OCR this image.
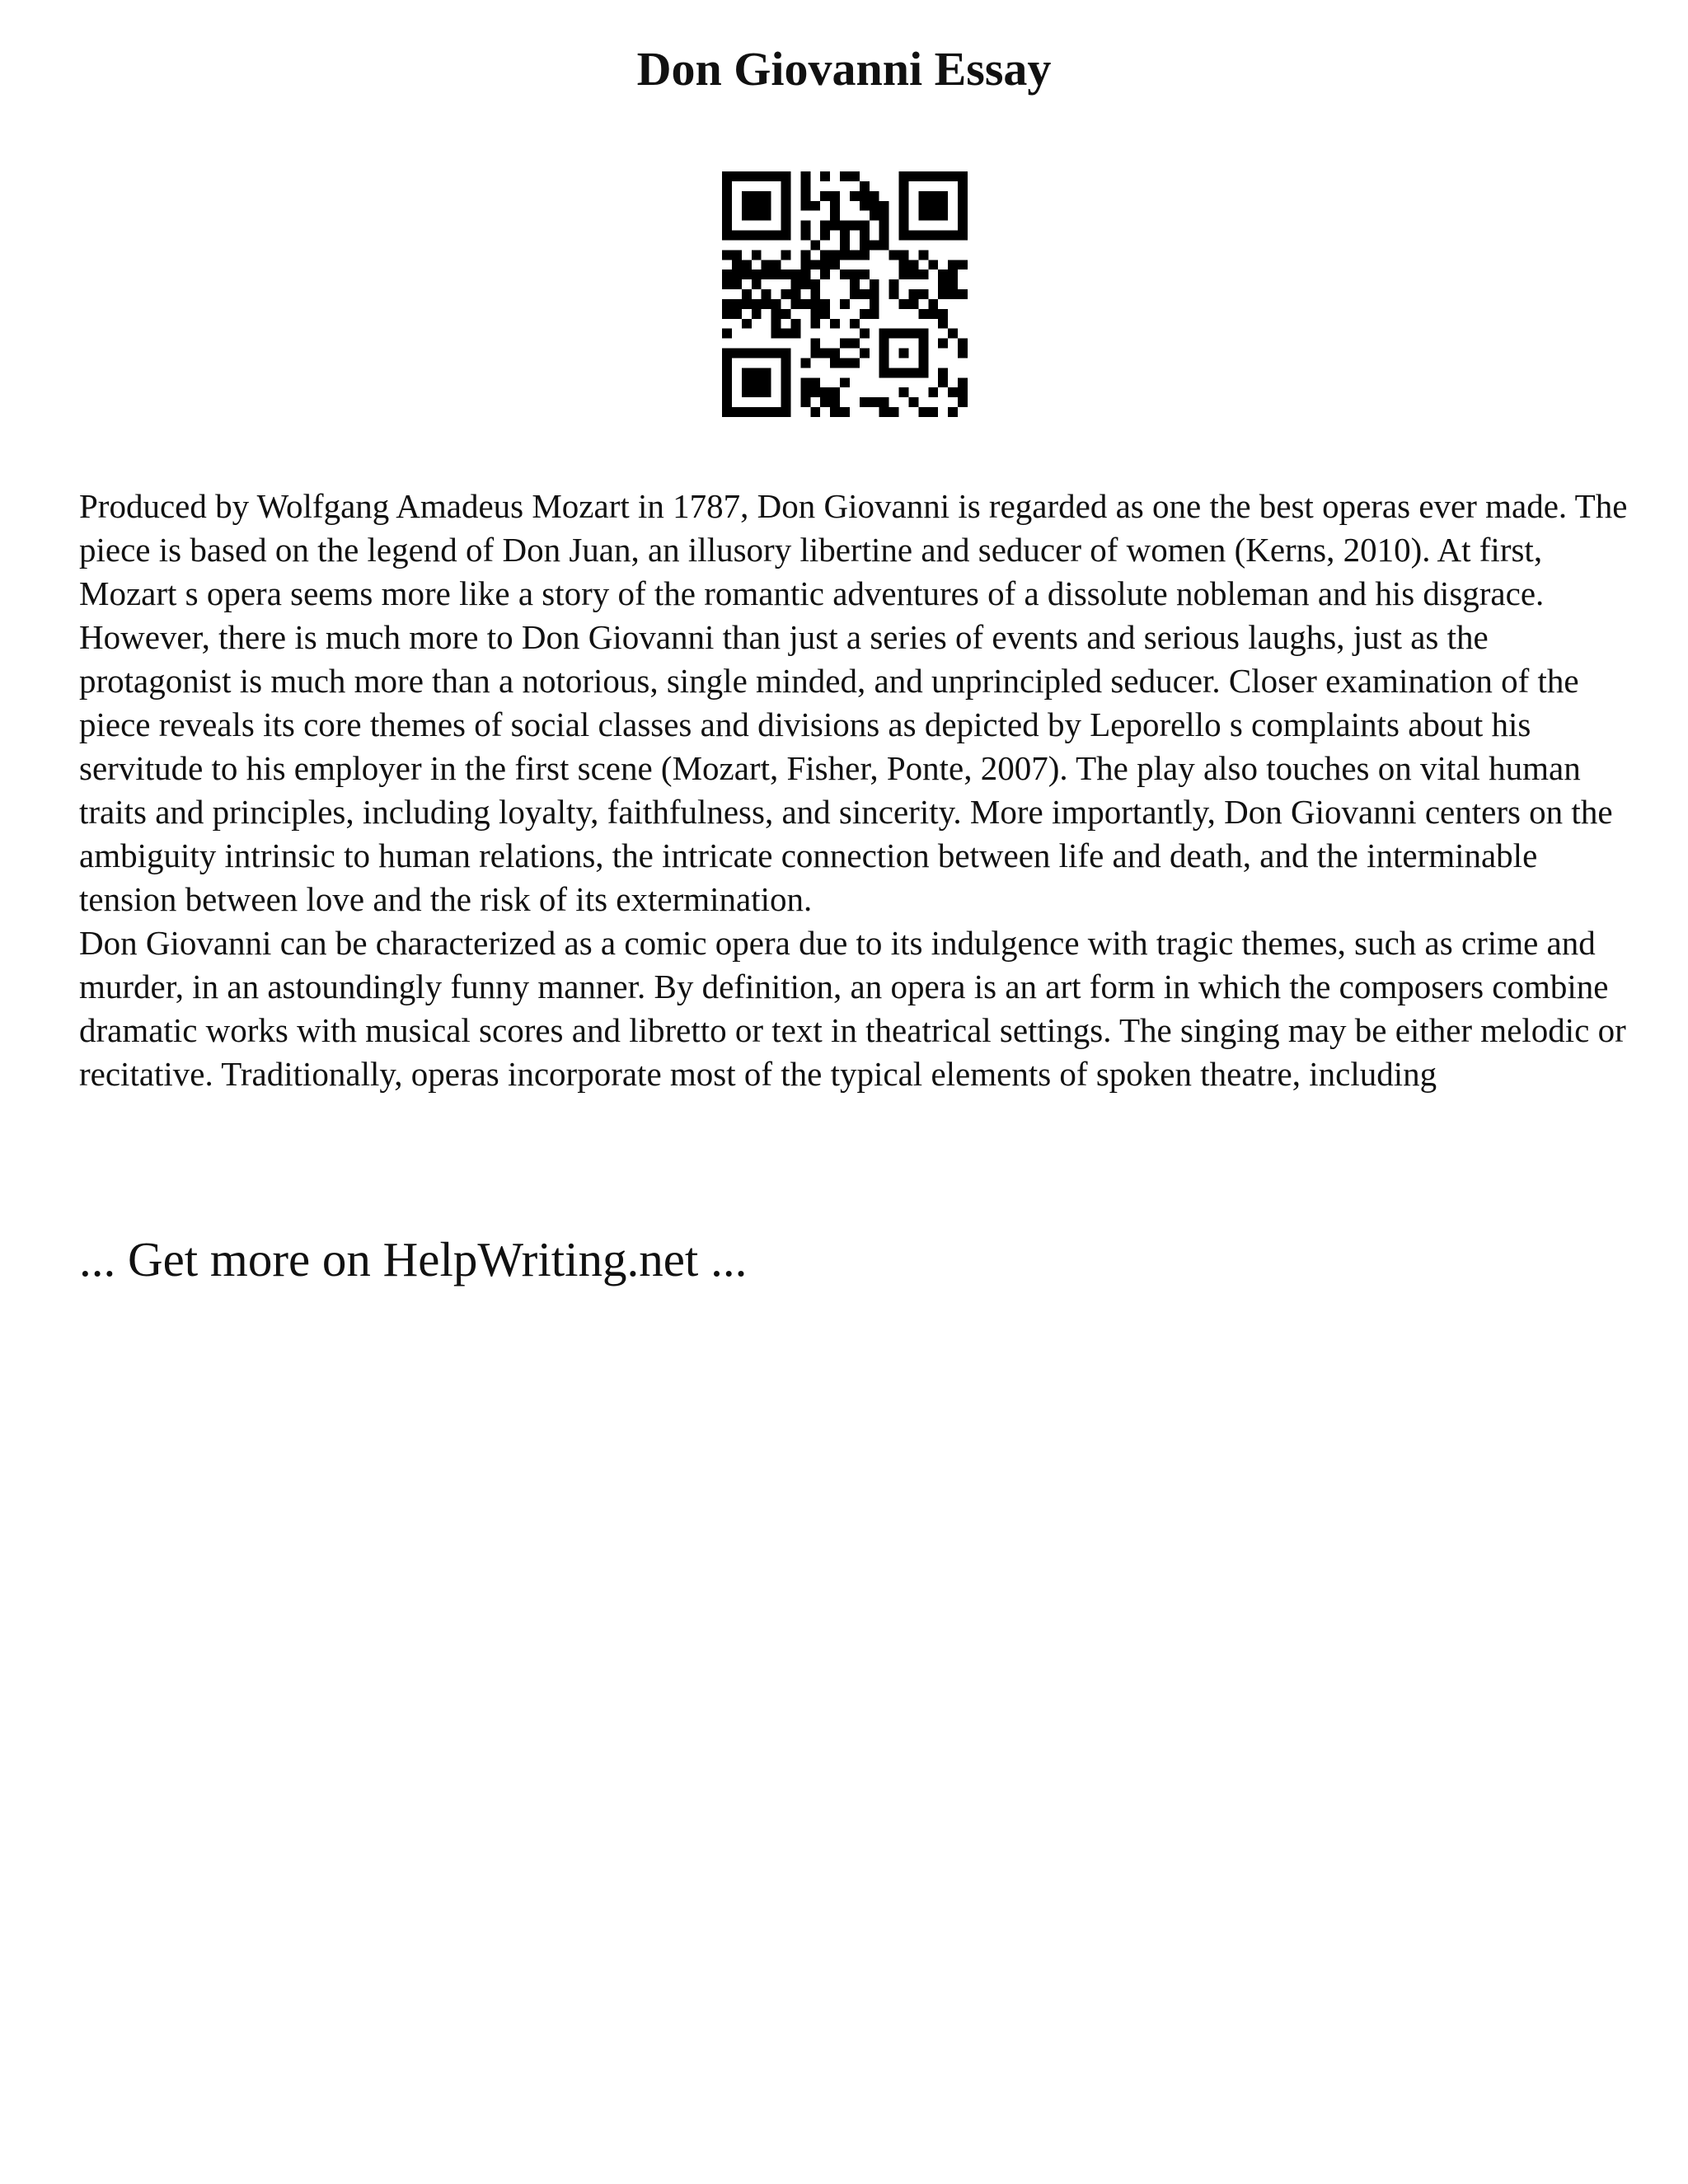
Don Giovanni Essay

Produced by Wolfgang Amadeus Mozart in 1787, Don Giovanni is regarded as one the best operas ever made. The piece is based on the legend of Don Juan, an illusory libertine and seducer of women (Kerns, 2010). At first, Mozart s opera seems more like a story of the romantic adventures of a dissolute nobleman and his disgrace. However, there is much more to Don Giovanni than just a series of events and serious laughs, just as the protagonist is much more than a notorious, single minded, and unprincipled seducer. Closer examination of the piece reveals its core themes of social classes and divisions as depicted by Leporello s complaints about his servitude to his employer in the first scene (Mozart, Fisher, Ponte, 2007). The play also touches on vital human traits and principles, including loyalty, faithfulness, and sincerity. More importantly, Don Giovanni centers on the ambiguity intrinsic to human relations, the intricate connection between life and death, and the interminable tension between love and the risk of its extermination.

Don Giovanni can be characterized as a comic opera due to its indulgence with tragic themes, such as crime and murder, in an astoundingly funny manner. By definition, an opera is an art form in which the composers combine dramatic works with musical scores and libretto or text in theatrical settings. The singing may be either melodic or recitative. Traditionally, operas incorporate most of the typical elements of spoken theatre, including

... Get more on HelpWriting.net ...
